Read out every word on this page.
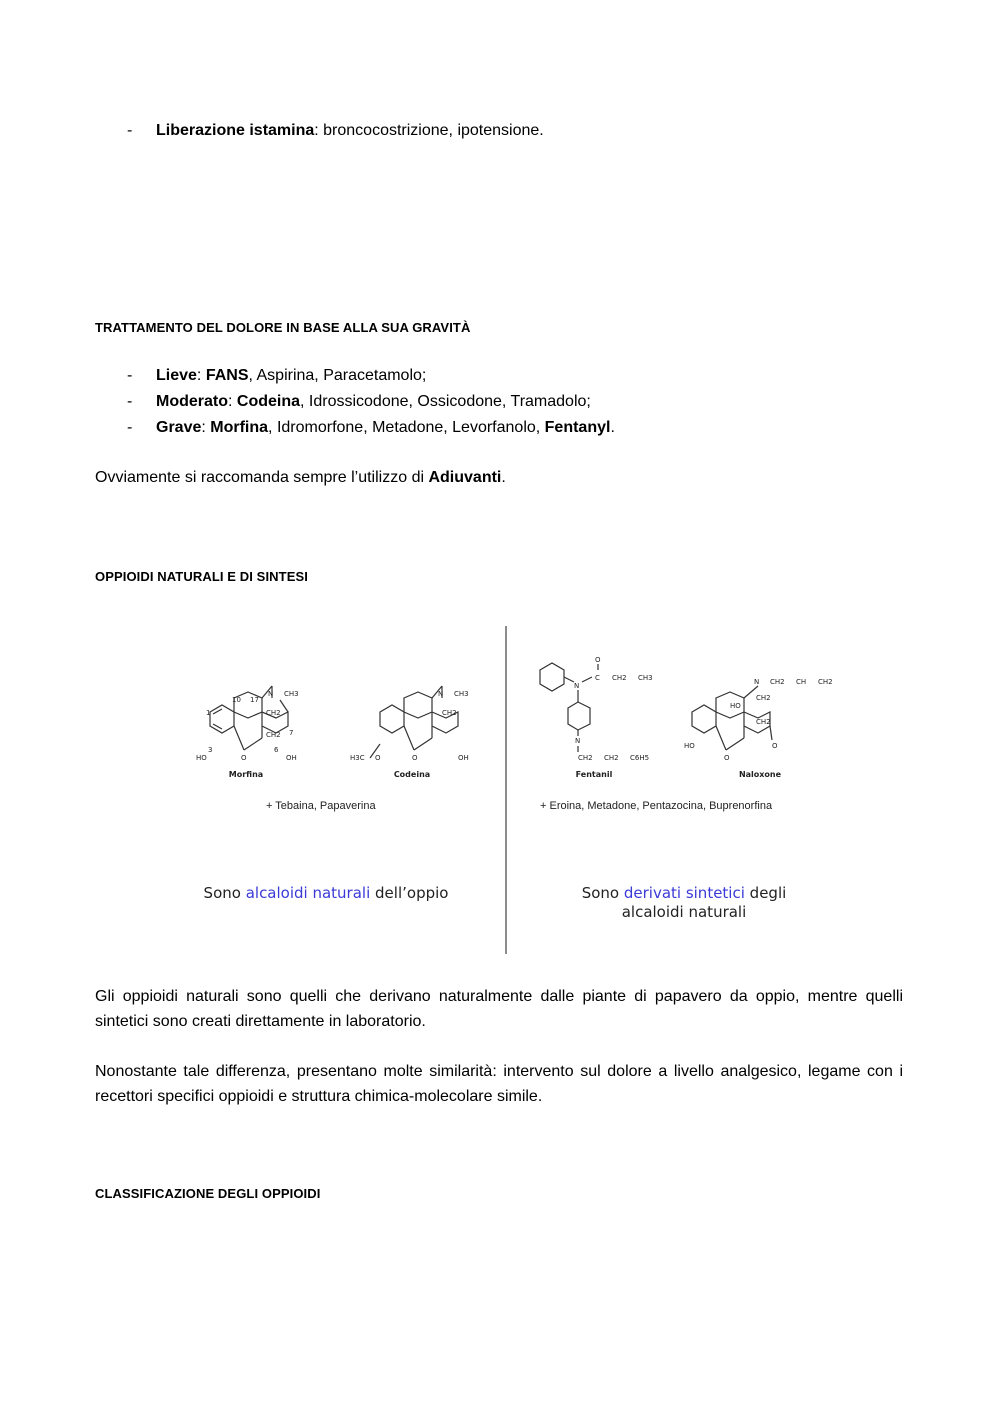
- Liberazione istamina: broncocostrizione, ipotensione.
TRATTAMENTO DEL DOLORE IN BASE ALLA SUA GRAVITÀ
- Lieve: FANS, Aspirina, Paracetamolo;
- Moderato: Codeina, Idrossicodone, Ossicodone, Tramadolo;
- Grave: Morfina, Idromorfone, Metadone, Levorfanolo, Fentanyl.
Ovviamente si raccomanda sempre l’utilizzo di Adiuvanti.
OPPIOIDI NATURALI E DI SINTESI
10 17
N CH3
1	CH2
CH2 7
3	6
HO	O	OH
N CH3
CH2
H3C O	O	OH
N
O
C CH2 CH3
N
CH2 CH2 C6H5
N CH2 CH CH2
HO
CH2
CH2
HO
O
O
Morfina	Codeina	Fentanil	Naloxone
+ Tebaina, Papaverina	+ Eroina, Metadone, Pentazocina, Buprenorfina
Sono alcaloidi naturali dell’oppio	Sono derivati sintetici degli
alcaloidi naturali
Gli oppioidi naturali sono quelli che derivano naturalmente dalle piante di papavero da oppio, mentre quelli sintetici sono creati direttamente in laboratorio.
Nonostante tale differenza, presentano molte similarità: intervento sul dolore a livello analgesico, legame con i recettori specifici oppioidi e struttura chimica-molecolare simile.
CLASSIFICAZIONE DEGLI OPPIOIDI
